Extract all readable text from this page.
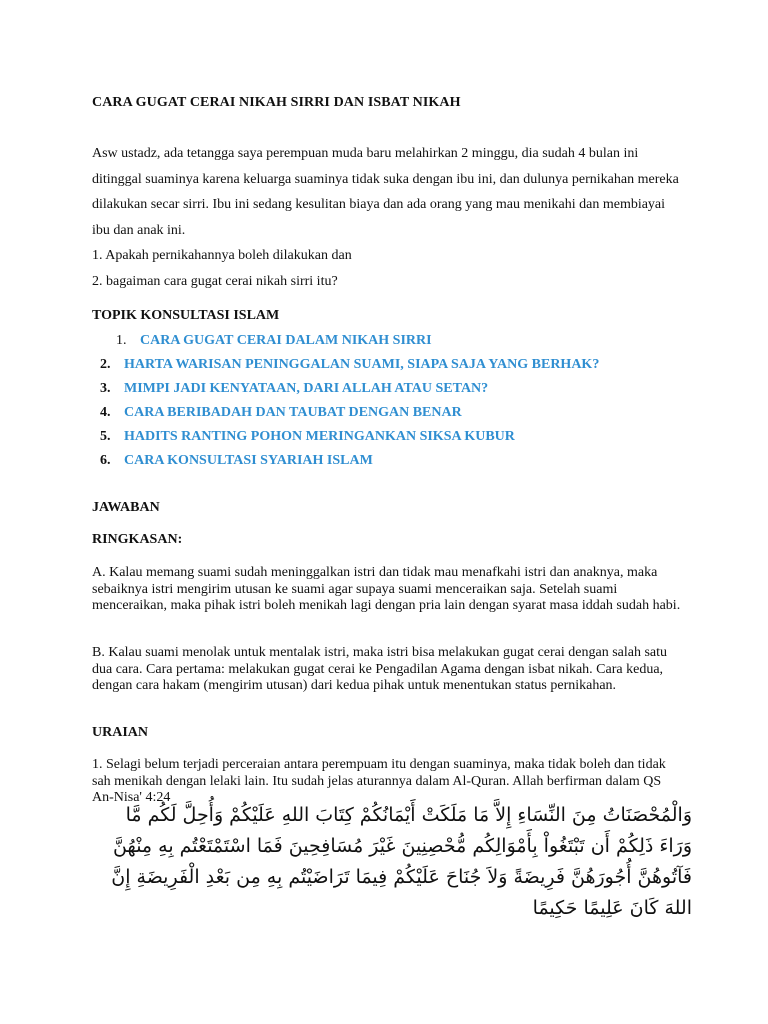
CARA GUGAT CERAI NIKAH SIRRI DAN ISBAT NIKAH

Asw ustadz, ada tetangga saya perempuan muda baru melahirkan 2 minggu, dia sudah 4 bulan ini ditinggal suaminya karena keluarga suaminya tidak suka dengan ibu ini, dan dulunya pernikahan mereka dilakukan secar sirri. Ibu ini sedang kesulitan biaya dan ada orang yang mau menikahi dan membiayai ibu dan anak ini.
1. Apakah pernikahannya boleh dilakukan dan
2. bagaiman cara gugat cerai nikah sirri itu?

TOPIK KONSULTASI ISLAM

1. CARA GUGAT CERAI DALAM NIKAH SIRRI
2. HARTA WARISAN PENINGGALAN SUAMI, SIAPA SAJA YANG BERHAK?
3. MIMPI JADI KENYATAAN, DARI ALLAH ATAU SETAN?
4. CARA BERIBADAH DAN TAUBAT DENGAN BENAR
5. HADITS RANTING POHON MERINGANKAN SIKSA KUBUR
6. CARA KONSULTASI SYARIAH ISLAM

JAWABAN

RINGKASAN:

A. Kalau memang suami sudah meninggalkan istri dan tidak mau menafkahi istri dan anaknya, maka sebaiknya istri mengirim utusan ke suami agar supaya suami menceraikan saja. Setelah suami menceraikan, maka pihak istri boleh menikah lagi dengan pria lain dengan syarat masa iddah sudah habi.

B. Kalau suami menolak untuk mentalak istri, maka istri bisa melakukan gugat cerai dengan salah satu dua cara. Cara pertama: melakukan gugat cerai ke Pengadilan Agama dengan isbat nikah. Cara kedua, dengan cara hakam (mengirim utusan) dari kedua pihak untuk menentukan status pernikahan.

URAIAN

1. Selagi belum terjadi perceraian antara perempuam itu dengan suaminya, maka tidak boleh dan tidak sah menikah dengan lelaki lain. Itu sudah jelas aturannya dalam Al-Quran. Allah berfirman dalam QS An-Nisa' 4:24

وَالْمُحْصَنَاتُ مِنَ النِّسَاءِ إِلاَّ مَا مَلَكَتْ أَيْمَانُكُمْ كِتَابَ اللهِ عَلَيْكُمْ وَأُحِلَّ لَكُم مَّا وَرَاءَ ذَلِكُمْ أَن تَبْتَغُواْ بِأَمْوَالِكُم مُّحْصِنِينَ غَيْرَ مُسَافِحِينَ فَمَا اسْتَمْتَعْتُم بِهِ مِنْهُنَّ فَآتُوهُنَّ أُجُورَهُنَّ فَرِيضَةً وَلاَ جُنَاحَ عَلَيْكُمْ فِيمَا تَرَاضَيْتُم بِهِ مِن بَعْدِ الْفَرِيضَةِ إِنَّ اللهَ كَانَ عَلِيمًا حَكِيمًا
